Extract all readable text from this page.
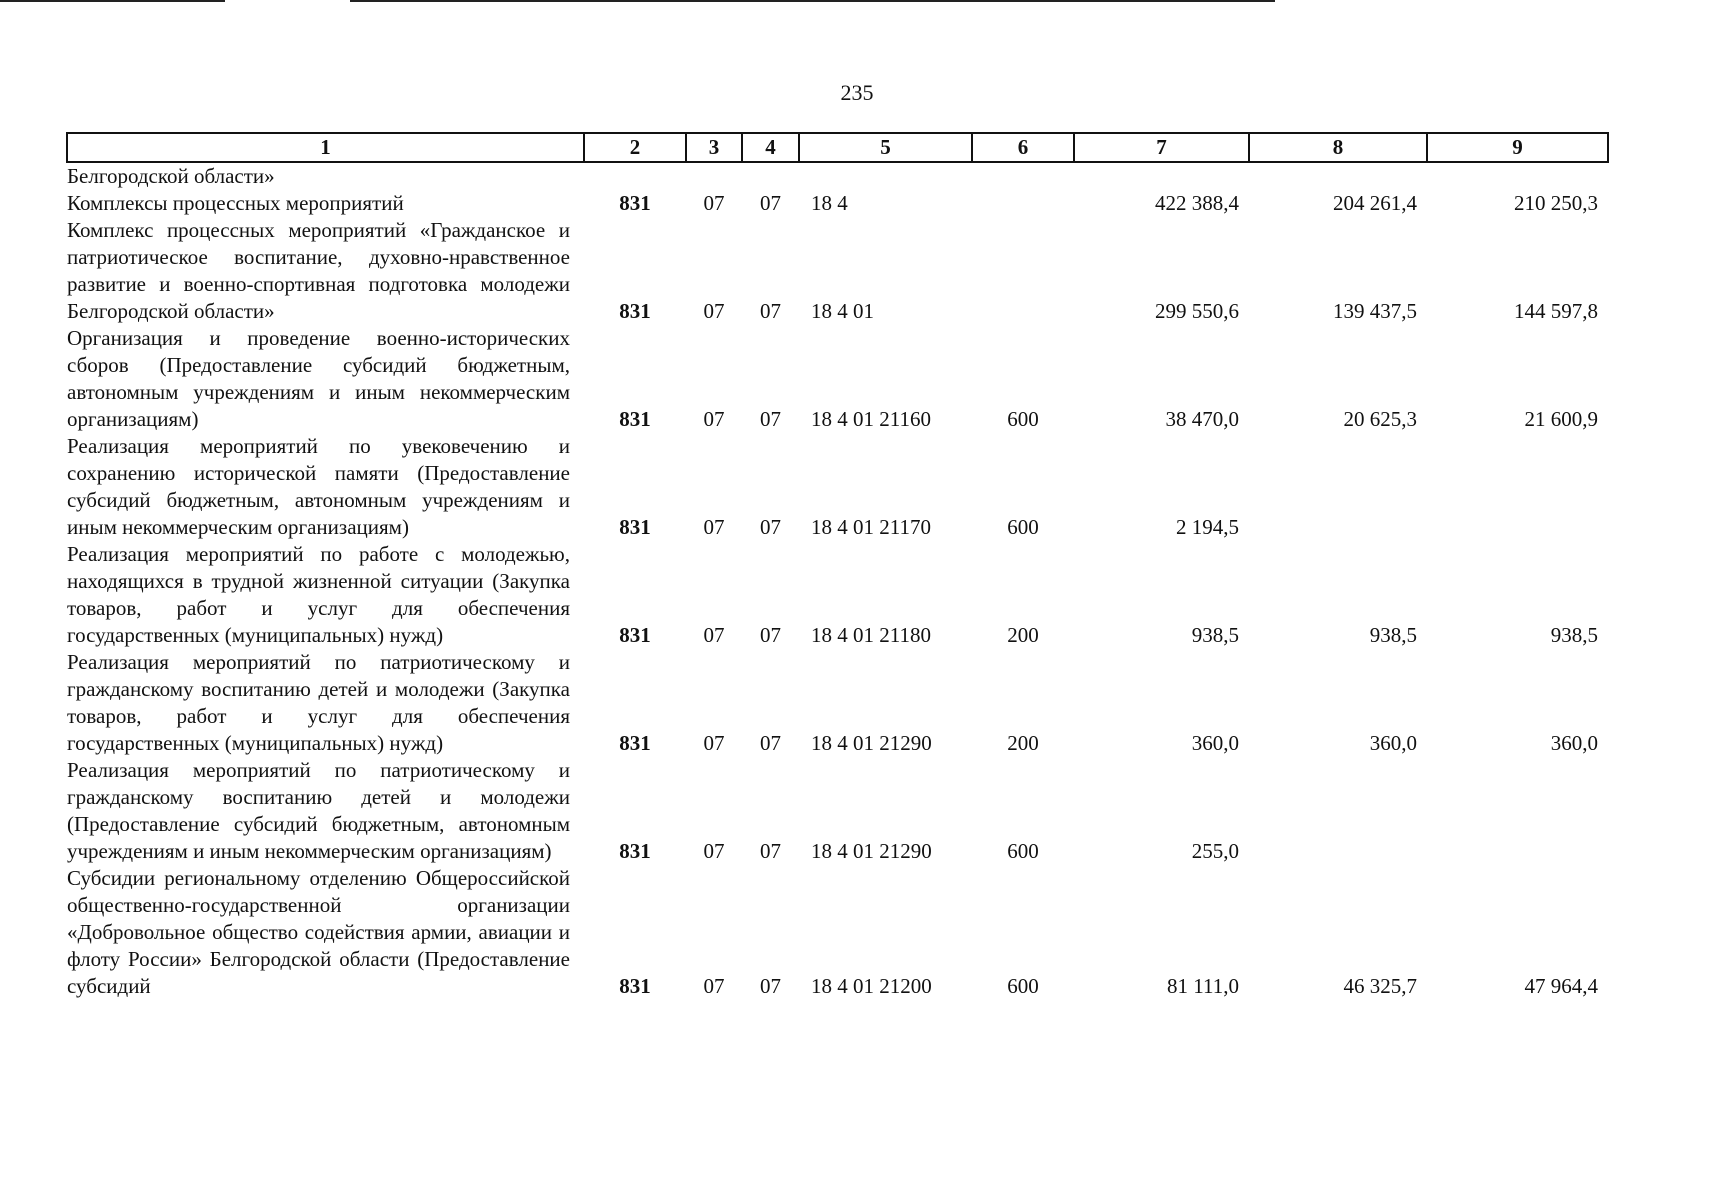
235
1	2	3	4	5	6	7	8	9
Белгородской области»								
Комплексы процессных мероприятий	831	07	07	18 4		422 388,4	204 261,4	210 250,3
Комплекс процессных мероприятий «Гражданское и патриотическое воспитание, духовно-нравственное развитие и военно-спортивная подготовка молодежи Белгородской области»	831	07	07	18 4 01		299 550,6	139 437,5	144 597,8
Организация и проведение военно-исторических сборов (Предоставление субсидий бюджетным, автономным учреждениям и иным некоммерческим организациям)	831	07	07	18 4 01 21160	600	38 470,0	20 625,3	21 600,9
Реализация мероприятий по увековечению и сохранению исторической памяти (Предоставление субсидий бюджетным, автономным учреждениям и иным некоммерческим организациям)	831	07	07	18 4 01 21170	600	2 194,5		
Реализация мероприятий по работе с молодежью, находящихся в трудной жизненной ситуации (Закупка товаров, работ и услуг для обеспечения государственных (муниципальных) нужд)	831	07	07	18 4 01 21180	200	938,5	938,5	938,5
Реализация мероприятий по патриотическому и гражданскому воспитанию детей и молодежи (Закупка товаров, работ и услуг для обеспечения государственных (муниципальных) нужд)	831	07	07	18 4 01 21290	200	360,0	360,0	360,0
Реализация мероприятий по патриотическому и гражданскому воспитанию детей и молодежи (Предоставление субсидий бюджетным, автономным учреждениям и иным некоммерческим организациям)	831	07	07	18 4 01 21290	600	255,0		
Субсидии региональному отделению Общероссийской общественно-государственной организации «Добровольное общество содействия армии, авиации и флоту России» Белгородской области (Предоставление субсидий	831	07	07	18 4 01 21200	600	81 111,0	46 325,7	47 964,4
